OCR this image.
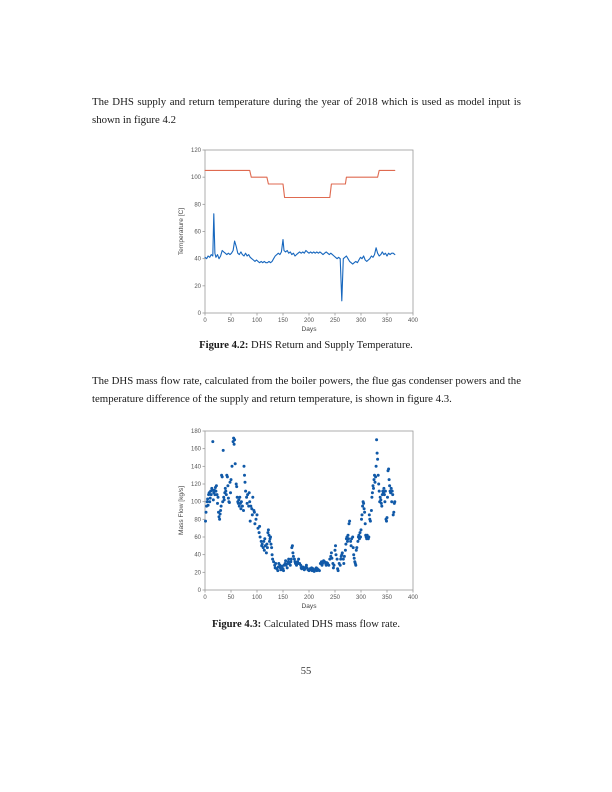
The DHS supply and return temperature during the year of 2018 which is used as model input is shown in figure 4.2

0	50	100	150	200	250	300	350	400
0
20
40
60
80
100
120
Days
Temperature [C]

Figure 4.2: DHS Return and Supply Temperature.

The DHS mass flow rate, calculated from the boiler powers, the flue gas condenser powers and the temperature difference of the supply and return temperature, is shown in figure 4.3.

0	50	100	150	200	250	300	350	400
0
20
40
60
80
100
120
140
160
180
Days
Mass Flow [kg/s]

Figure 4.3: Calculated DHS mass flow rate.

55
